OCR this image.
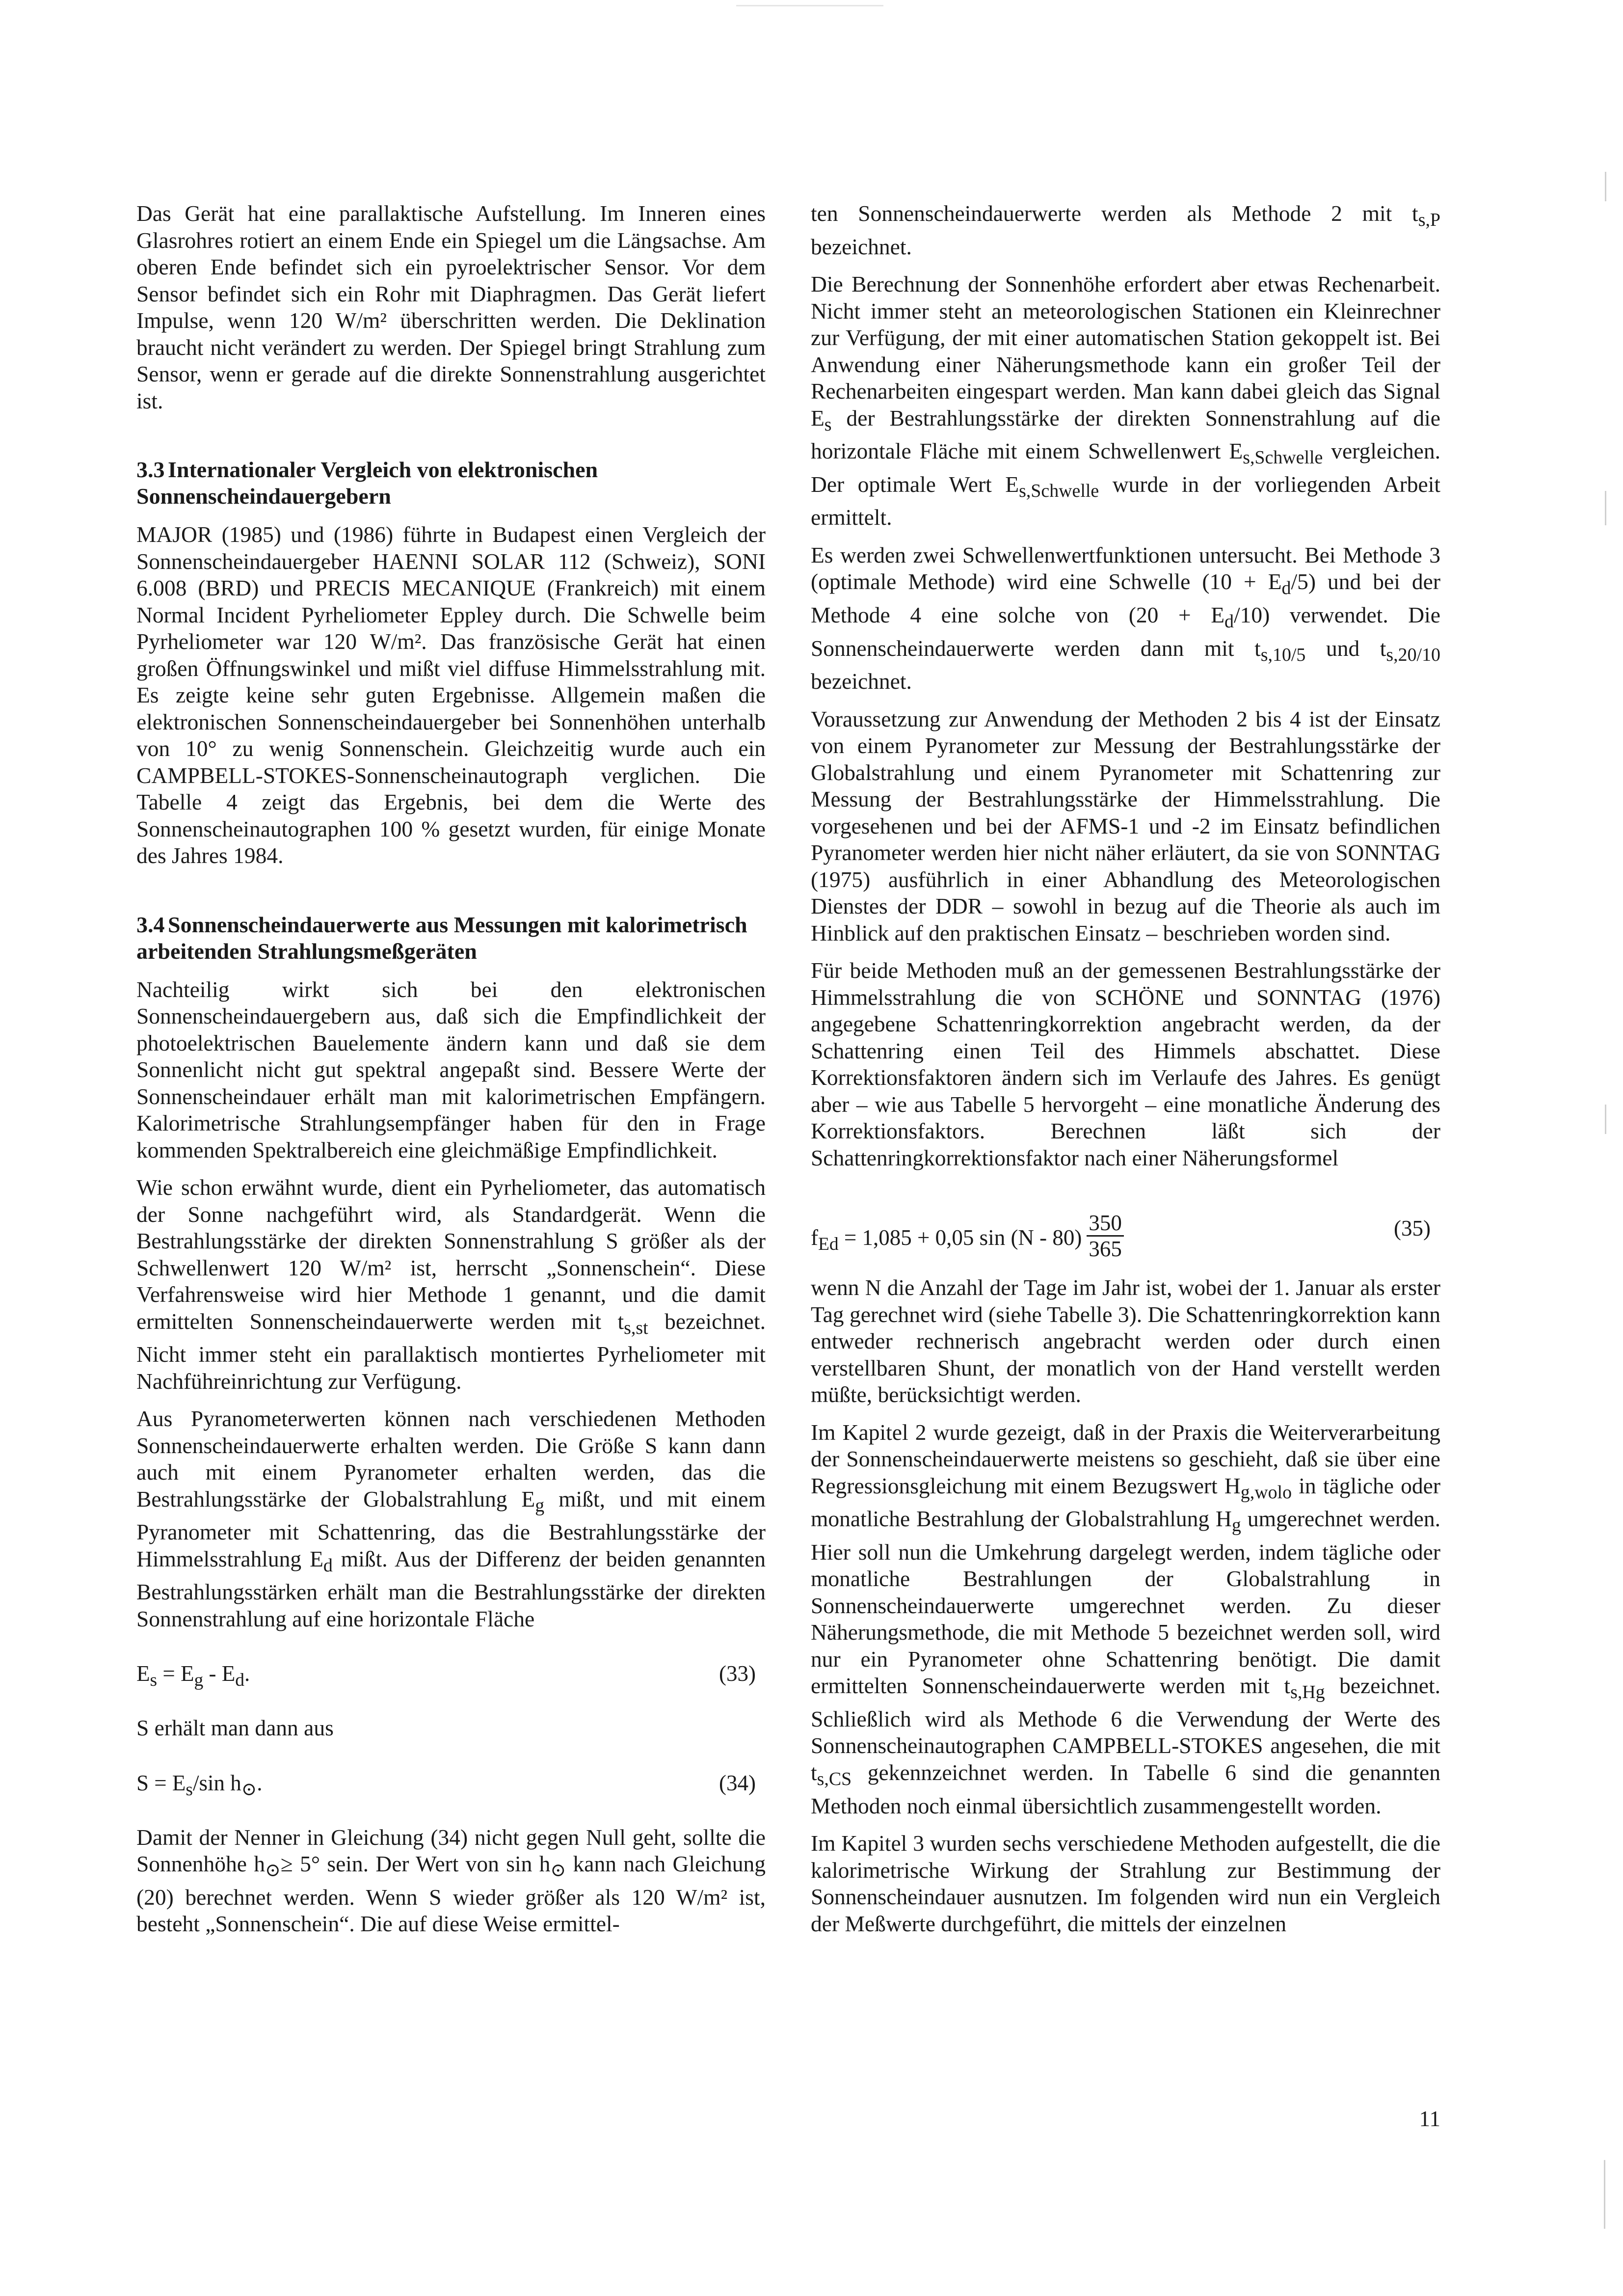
Das Gerät hat eine parallaktische Aufstellung. Im Inneren eines Glasrohres rotiert an einem Ende ein Spiegel um die Längsachse. Am oberen Ende befindet sich ein pyroelektrischer Sensor. Vor dem Sensor befindet sich ein Rohr mit Diaphragmen. Das Gerät liefert Impulse, wenn 120 W/m² überschritten werden. Die Deklination braucht nicht verändert zu werden. Der Spiegel bringt Strahlung zum Sensor, wenn er gerade auf die direkte Sonnenstrahlung ausgerichtet ist.

3.3 Internationaler Vergleich von elektronischen Sonnenscheindauergebern

MAJOR (1985) und (1986) führte in Budapest einen Vergleich der Sonnenscheindauergeber HAENNI SOLAR 112 (Schweiz), SONI 6.008 (BRD) und PRECIS MECANIQUE (Frankreich) mit einem Normal Incident Pyrheliometer Eppley durch. Die Schwelle beim Pyrheliometer war 120 W/m². Das französische Gerät hat einen großen Öffnungswinkel und mißt viel diffuse Himmelsstrahlung mit. Es zeigte keine sehr guten Ergebnisse. Allgemein maßen die elektronischen Sonnenscheindauergeber bei Sonnenhöhen unterhalb von 10° zu wenig Sonnenschein. Gleichzeitig wurde auch ein CAMPBELL-STOKES-Sonnenscheinautograph verglichen. Die Tabelle 4 zeigt das Ergebnis, bei dem die Werte des Sonnenscheinautographen 100 % gesetzt wurden, für einige Monate des Jahres 1984.

3.4 Sonnenscheindauerwerte aus Messungen mit kalorimetrisch arbeitenden Strahlungsmeßgeräten

Nachteilig wirkt sich bei den elektronischen Sonnenscheindauergebern aus, daß sich die Empfindlichkeit der photoelektrischen Bauelemente ändern kann und daß sie dem Sonnenlicht nicht gut spektral angepaßt sind. Bessere Werte der Sonnenscheindauer erhält man mit kalorimetrischen Empfängern. Kalorimetrische Strahlungsempfänger haben für den in Frage kommenden Spektralbereich eine gleichmäßige Empfindlichkeit.

Wie schon erwähnt wurde, dient ein Pyrheliometer, das automatisch der Sonne nachgeführt wird, als Standardgerät. Wenn die Bestrahlungsstärke der direkten Sonnenstrahlung S größer als der Schwellenwert 120 W/m² ist, herrscht „Sonnenschein“. Diese Verfahrensweise wird hier Methode 1 genannt, und die damit ermittelten Sonnenscheindauerwerte werden mit $t_{s,st}$ bezeichnet. Nicht immer steht ein parallaktisch montiertes Pyrheliometer mit Nachführeinrichtung zur Verfügung.

Aus Pyranometerwerten können nach verschiedenen Methoden Sonnenscheindauerwerte erhalten werden. Die Größe S kann dann auch mit einem Pyranometer erhalten werden, das die Bestrahlungsstärke der Globalstrahlung $E_g$ mißt, und mit einem Pyranometer mit Schattenring, das die Bestrahlungsstärke der Himmelsstrahlung $E_d$ mißt. Aus der Differenz der beiden genannten Bestrahlungsstärken erhält man die Bestrahlungsstärke der direkten Sonnenstrahlung auf eine horizontale Fläche

$E_s = E_g - E_d$.	(33)

S erhält man dann aus

$S = E_s/\sin$ $h_⊙$.	(34)

Damit der Nenner in Gleichung (34) nicht gegen Null geht, sollte die Sonnenhöhe $h_⊙\ge 5^\circ$ sein. Der Wert von $\sin h_⊙$ kann nach Gleichung (20) berechnet werden. Wenn S wieder größer als 120 W/m² ist, besteht „Sonnenschein“. Die auf diese Weise ermittel-

ten Sonnenscheindauerwerte werden als Methode 2 mit $t_{s,P}$ bezeichnet.

Die Berechnung der Sonnenhöhe erfordert aber etwas Rechenarbeit. Nicht immer steht an meteorologischen Stationen ein Kleinrechner zur Verfügung, der mit einer automatischen Station gekoppelt ist. Bei Anwendung einer Näherungsmethode kann ein großer Teil der Rechenarbeiten eingespart werden. Man kann dabei gleich das Signal $E_s$ der Bestrahlungsstärke der direkten Sonnenstrahlung auf die horizontale Fläche mit einem Schwellenwert $E_{s,Schwelle}$ vergleichen. Der optimale Wert $E_{s,Schwelle}$ wurde in der vorliegenden Arbeit ermittelt.

Es werden zwei Schwellenwertfunktionen untersucht. Bei Methode 3 (optimale Methode) wird eine Schwelle $(10 + E_d/5)$ und bei der Methode 4 eine solche von $(20 + E_d/10)$ verwendet. Die Sonnenscheindauerwerte werden dann mit $t_{s,10/5}$ und $t_{s,20/10}$ bezeichnet.

Voraussetzung zur Anwendung der Methoden 2 bis 4 ist der Einsatz von einem Pyranometer zur Messung der Bestrahlungsstärke der Globalstrahlung und einem Pyranometer mit Schattenring zur Messung der Bestrahlungsstärke der Himmelsstrahlung. Die vorgesehenen und bei der AFMS-1 und -2 im Einsatz befindlichen Pyranometer werden hier nicht näher erläutert, da sie von SONNTAG (1975) ausführlich in einer Abhandlung des Meteorologischen Dienstes der DDR – sowohl in bezug auf die Theorie als auch im Hinblick auf den praktischen Einsatz – beschrieben worden sind.

Für beide Methoden muß an der gemessenen Bestrahlungsstärke der Himmelsstrahlung die von SCHÖNE und SONNTAG (1976) angegebene Schattenringkorrektion angebracht werden, da der Schattenring einen Teil des Himmels abschattet. Diese Korrektionsfaktoren ändern sich im Verlaufe des Jahres. Es genügt aber – wie aus Tabelle 5 hervorgeht – eine monatliche Änderung des Korrektionsfaktors. Berechnen läßt sich der Schattenringkorrektionsfaktor nach einer Näherungsformel

$f_{Ed} = 1,085 + 0,05$ $\sin (N - 80) \frac{350}{365}$	(35)

wenn N die Anzahl der Tage im Jahr ist, wobei der 1. Januar als erster Tag gerechnet wird (siehe Tabelle 3). Die Schattenringkorrektion kann entweder rechnerisch angebracht werden oder durch einen verstellbaren Shunt, der monatlich von der Hand verstellt werden müßte, berücksichtigt werden.

Im Kapitel 2 wurde gezeigt, daß in der Praxis die Weiterverarbeitung der Sonnenscheindauerwerte meistens so geschieht, daß sie über eine Regressionsgleichung mit einem Bezugswert $H_{g,wolo}$ in tägliche oder monatliche Bestrahlung der Globalstrahlung $H_g$ umgerechnet werden. Hier soll nun die Umkehrung dargelegt werden, indem tägliche oder monatliche Bestrahlungen der Globalstrahlung in Sonnenscheindauerwerte umgerechnet werden. Zu dieser Näherungsmethode, die mit Methode 5 bezeichnet werden soll, wird nur ein Pyranometer ohne Schattenring benötigt. Die damit ermittelten Sonnenscheindauerwerte werden mit $t_{s,Hg}$ bezeichnet. Schließlich wird als Methode 6 die Verwendung der Werte des Sonnenscheinautographen CAMPBELL-STOKES angesehen, die mit $t_{s,CS}$ gekennzeichnet werden. In Tabelle 6 sind die genannten Methoden noch einmal übersichtlich zusammengestellt worden.

Im Kapitel 3 wurden sechs verschiedene Methoden aufgestellt, die die kalorimetrische Wirkung der Strahlung zur Bestimmung der Sonnenscheindauer ausnutzen. Im folgenden wird nun ein Vergleich der Meßwerte durchgeführt, die mittels der einzelnen

11
